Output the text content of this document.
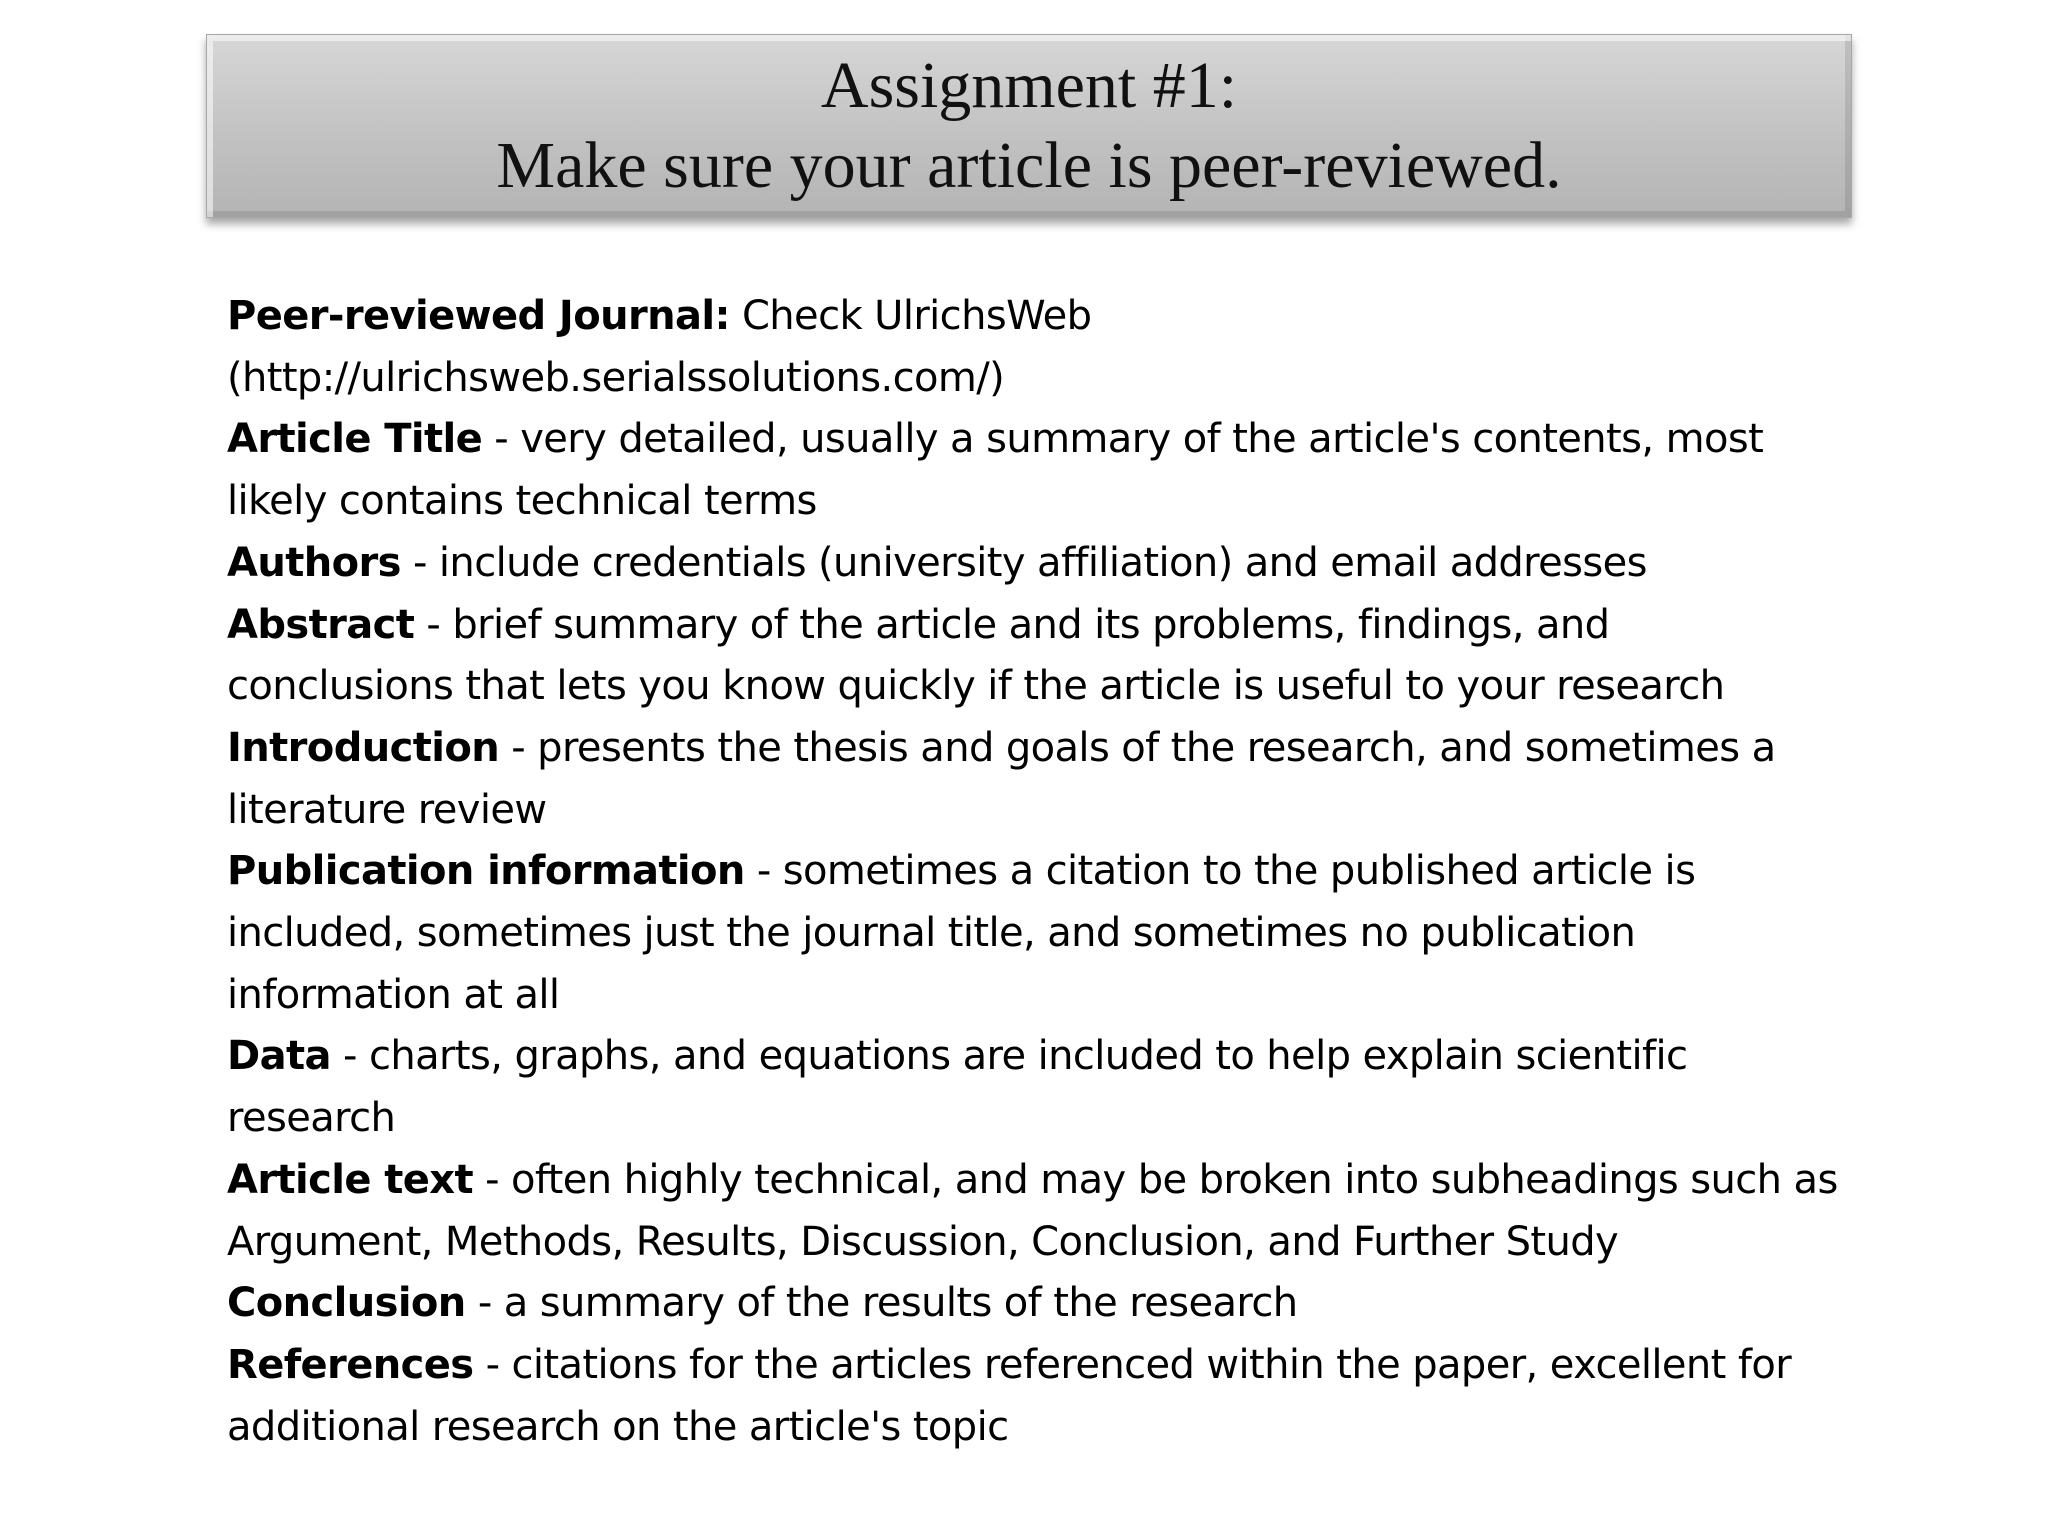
Assignment #1:
Make sure your article is peer-reviewed.

Peer-reviewed Journal: Check UlrichsWeb
(http://ulrichsweb.serialssolutions.com/)

Article Title - very detailed, usually a summary of the article's contents, most likely contains technical terms

Authors - include credentials (university affiliation) and email addresses

Abstract - brief summary of the article and its problems, findings, and conclusions that lets you know quickly if the article is useful to your research

Introduction - presents the thesis and goals of the research, and sometimes a literature review

Publication information - sometimes a citation to the published article is included, sometimes just the journal title, and sometimes no publication information at all

Data - charts, graphs, and equations are included to help explain scientific research

Article text - often highly technical, and may be broken into subheadings such as Argument, Methods, Results, Discussion, Conclusion, and Further Study

Conclusion - a summary of the results of the research

References - citations for the articles referenced within the paper, excellent for additional research on the article's topic
